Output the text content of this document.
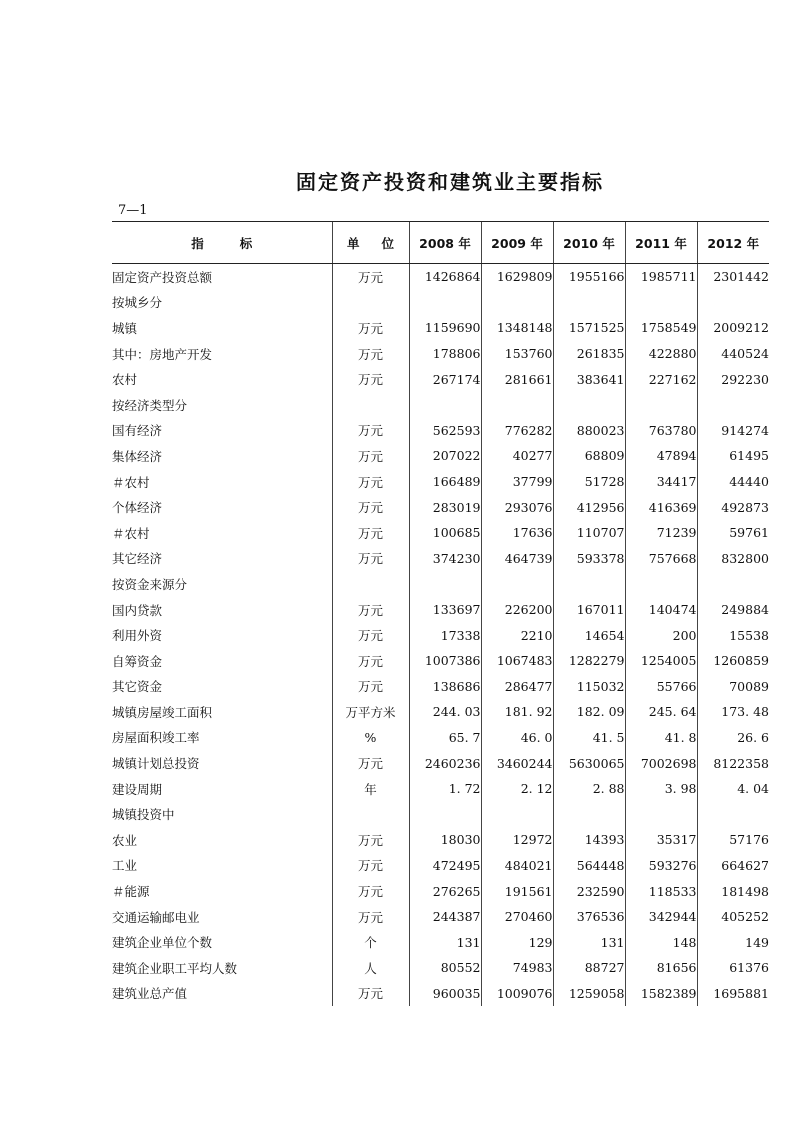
固定资产投资和建筑业主要指标
7—1
指 标	单 位	2008 年	2009 年	2010 年	2011 年	2012 年
固定资产投资总额	万元	1426864	1629809	1955166	1985711	2301442
按城乡分						
城镇	万元	1159690	1348148	1571525	1758549	2009212
其中：房地产开发	万元	178806	153760	261835	422880	440524
农村	万元	267174	281661	383641	227162	292230
按经济类型分						
国有经济	万元	562593	776282	880023	763780	914274
集体经济	万元	207022	40277	68809	47894	61495
＃农村	万元	166489	37799	51728	34417	44440
个体经济	万元	283019	293076	412956	416369	492873
＃农村	万元	100685	17636	110707	71239	59761
其它经济	万元	374230	464739	593378	757668	832800
按资金来源分						
国内贷款	万元	133697	226200	167011	140474	249884
利用外资	万元	17338	2210	14654	200	15538
自筹资金	万元	1007386	1067483	1282279	1254005	1260859
其它资金	万元	138686	286477	115032	55766	70089
城镇房屋竣工面积	万平方米	244. 03	181. 92	182. 09	245. 64	173. 48
房屋面积竣工率	%	65. 7	46. 0	41. 5	41. 8	26. 6
城镇计划总投资	万元	2460236	3460244	5630065	7002698	8122358
建设周期	年	1. 72	2. 12	2. 88	3. 98	4. 04
城镇投资中						
农业	万元	18030	12972	14393	35317	57176
工业	万元	472495	484021	564448	593276	664627
＃能源	万元	276265	191561	232590	118533	181498
交通运输邮电业	万元	244387	270460	376536	342944	405252
建筑企业单位个数	个	131	129	131	148	149
建筑企业职工平均人数	人	80552	74983	88727	81656	61376
建筑业总产值	万元	960035	1009076	1259058	1582389	1695881
